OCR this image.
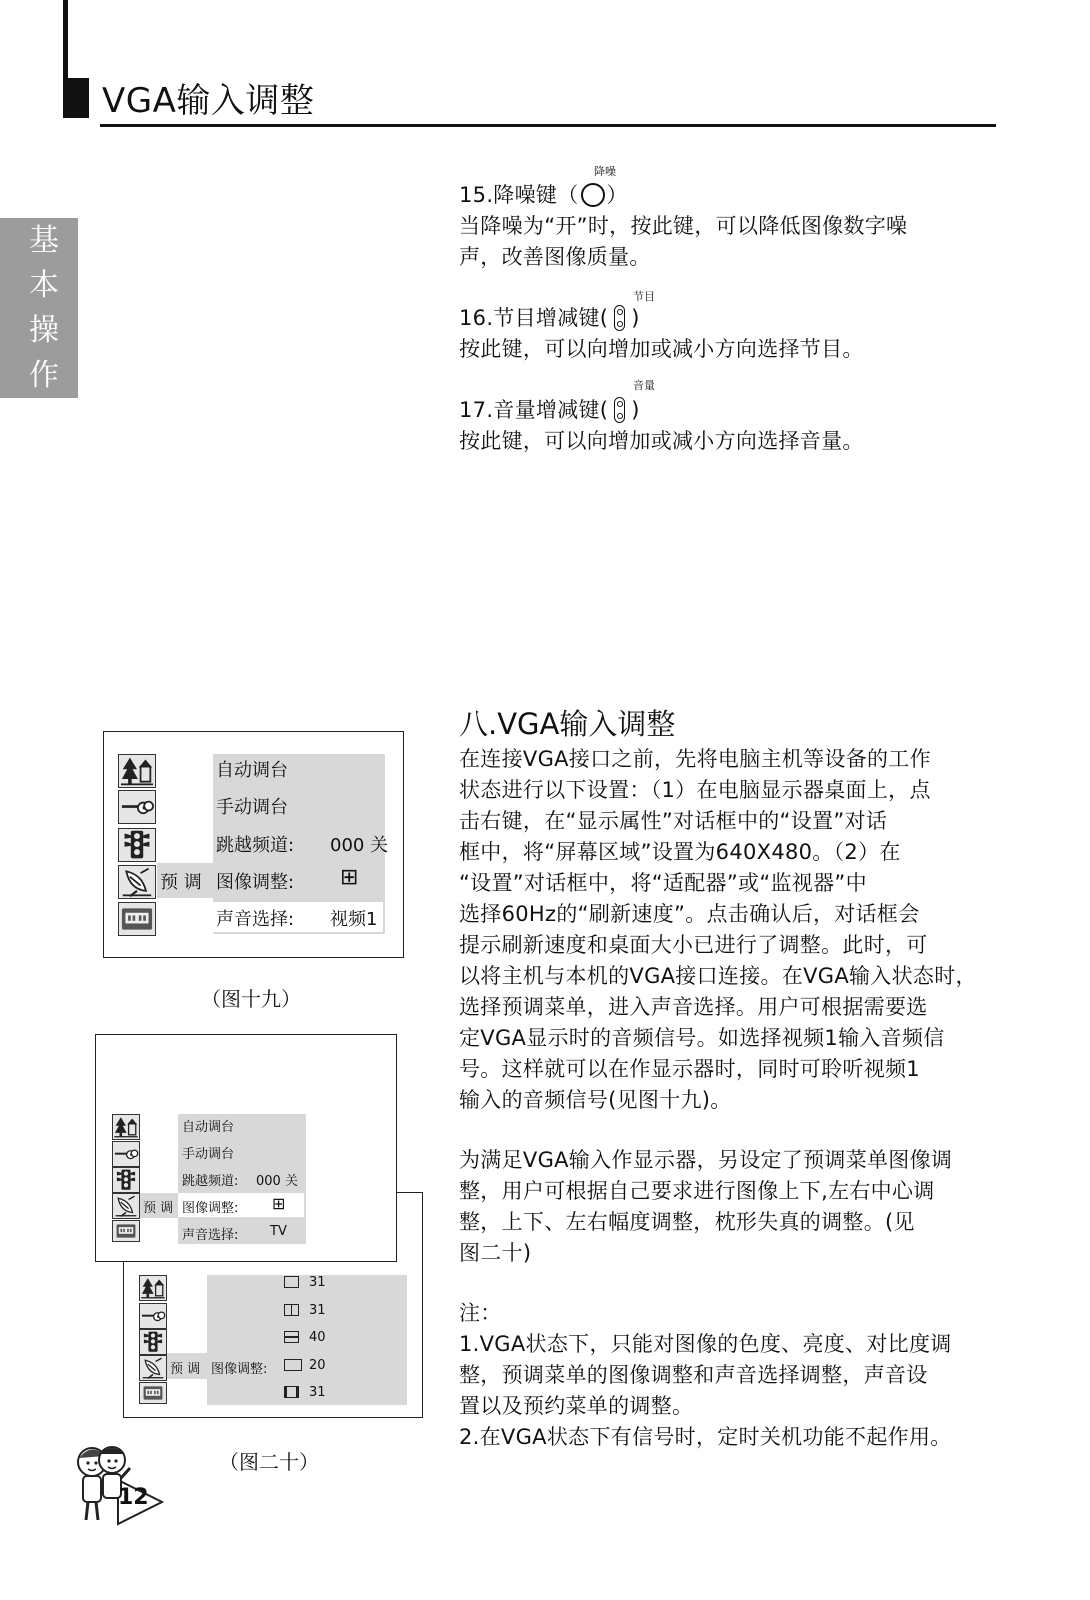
VGA输入调整
基
本
操
作
降噪
15.降噪键（ ）
当降噪为“开”时，按此键，可以降低图像数字噪
声，改善图像质量。
节目
16.节目增减键( )
按此键，可以向增加或减小方向选择节目。
音量
17.音量增减键( )
按此键，可以向增加或减小方向选择音量。
八.VGA输入调整
在连接VGA接口之前，先将电脑主机等设备的工作
状态进行以下设置：（1）在电脑显示器桌面上，点
击右键，在“显示属性”对话框中的“设置”对话
框中，将“屏幕区域”设置为640X480。（2）在
“设置”对话框中，将“适配器”或“监视器”中
选择60Hz的“刷新速度”。点击确认后，对话框会
提示刷新速度和桌面大小已进行了调整。此时，可
以将主机与本机的VGA接口连接。在VGA输入状态时，
选择预调菜单，进入声音选择。用户可根据需要选
定VGA显示时的音频信号。如选择视频1输入音频信
号。这样就可以在作显示器时，同时可聆听视频1
输入的音频信号(见图十九)。
为满足VGA输入作显示器，另设定了预调菜单图像调
整，用户可根据自己要求进行图像上下,左右中心调
整，上下、左右幅度调整，枕形失真的调整。(见
图二十)
注：
1.VGA状态下，只能对图像的色度、亮度、对比度调
整，预调菜单的图像调整和声音选择调整，声音设
置以及预约菜单的调整。
2.在VGA状态下有信号时，定时关机功能不起作用。
预 调
自动调台
手动调台
跳越频道: 000 关
图像调整: ⊞
声音选择: 视频1
（图十九）
预 调 图像调整:
31
31
40
20
31
预 调
自动调台
手动调台
跳越频道: 000 关
图像调整: ⊞
声音选择: TV
（图二十）
12
